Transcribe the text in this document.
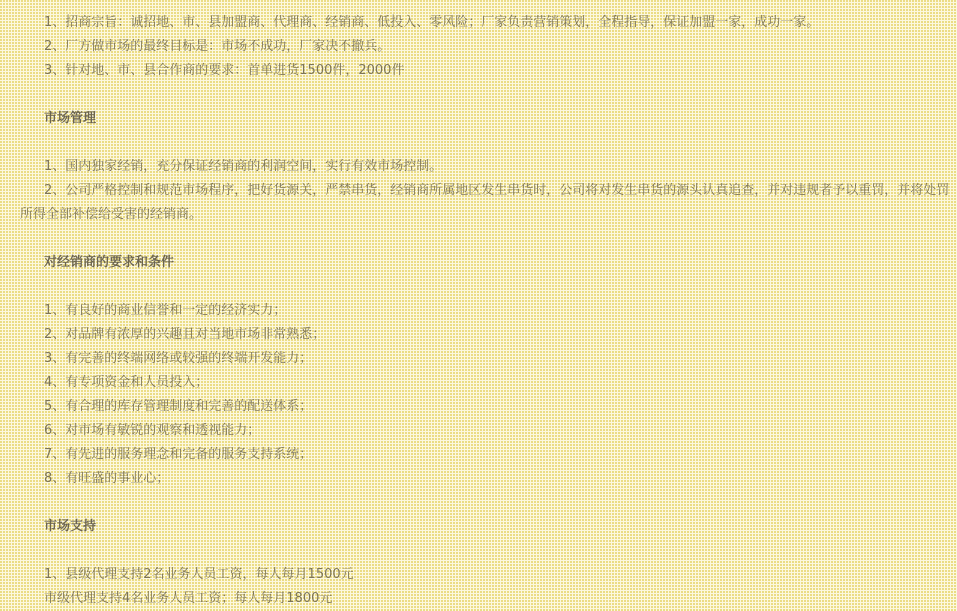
1、招商宗旨：诚招地、市、县加盟商、代理商、经销商、低投入、零风险；厂家负责营销策划，全程指导，保证加盟一家，成功一家。

2、厂方做市场的最终目标是：市场不成功，厂家决不撤兵。

3、针对地、市、县合作商的要求：首单进货1500件，2000件

市场管理

1、国内独家经销，充分保证经销商的利润空间，实行有效市场控制。

2、公司严格控制和规范市场程序，把好货源关，严禁串货，经销商所属地区发生串货时，公司将对发生串货的源头认真追查，并对违规者予以重罚，并将处罚所得全部补偿给受害的经销商。

对经销商的要求和条件

1、有良好的商业信誉和一定的经济实力；

2、对品牌有浓厚的兴趣且对当地市场非常熟悉；

3、有完善的终端网络或较强的终端开发能力；

4、有专项资金和人员投入；

5、有合理的库存管理制度和完善的配送体系；

6、对市场有敏锐的观察和透视能力；

7、有先进的服务理念和完备的服务支持系统；

8、有旺盛的事业心；

市场支持

1、县级代理支持2名业务人员工资，每人每月1500元

市级代理支持4名业务人员工资；每人每月1800元
